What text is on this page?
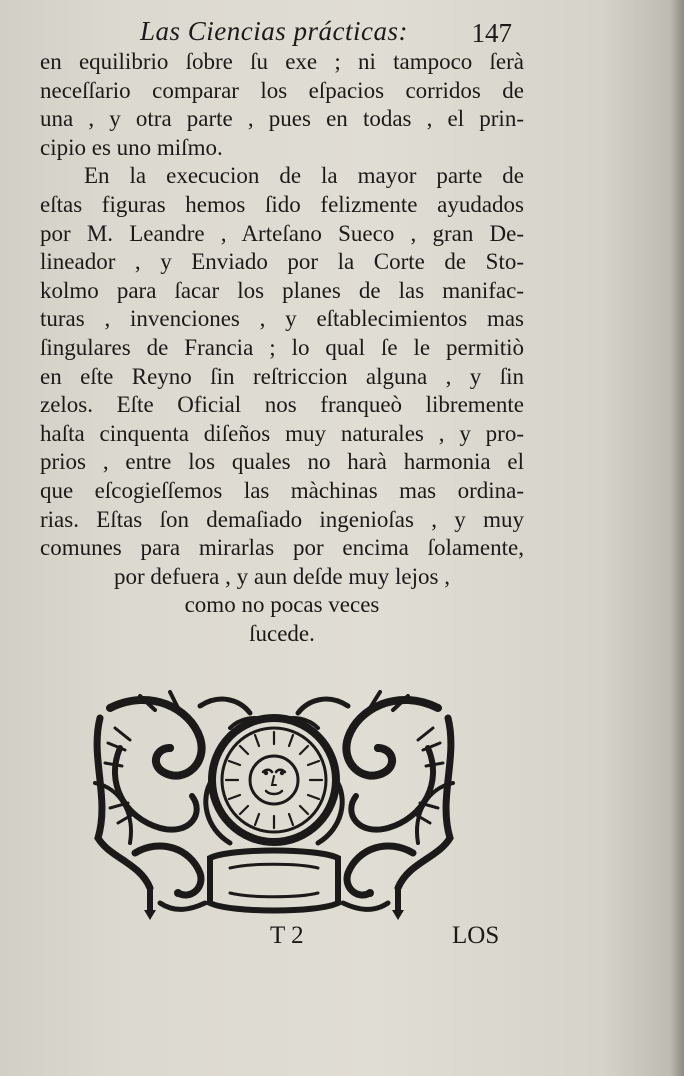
Las Ciencias prácticas: 147
en equilibrio ſobre ſu exe ; ni tampoco ſerà
neceſſario comparar los eſpacios corridos de
una , y otra parte , pues en todas , el prin-
cipio es uno miſmo.
En la execucion de la mayor parte de
eſtas figuras hemos ſido felizmente ayudados
por M. Leandre , Arteſano Sueco , gran De-
lineador , y Enviado por la Corte de Sto-
kolmo para ſacar los planes de las manifac-
turas , invenciones , y eſtablecimientos mas
ſingulares de Francia ; lo qual ſe le permitiò
en eſte Reyno ſin reſtriccion alguna , y ſin
zelos. Eſte Oficial nos franqueò libremente
haſta cinquenta diſeños muy naturales , y pro-
prios , entre los quales no harà harmonia el
que eſcogieſſemos las màchinas mas ordina-
rias. Eſtas ſon demaſiado ingenioſas , y muy
comunes para mirarlas por encima ſolamente,
por defuera , y aun deſde muy lejos ,
como no pocas veces
ſucede.
T 2	LOS
